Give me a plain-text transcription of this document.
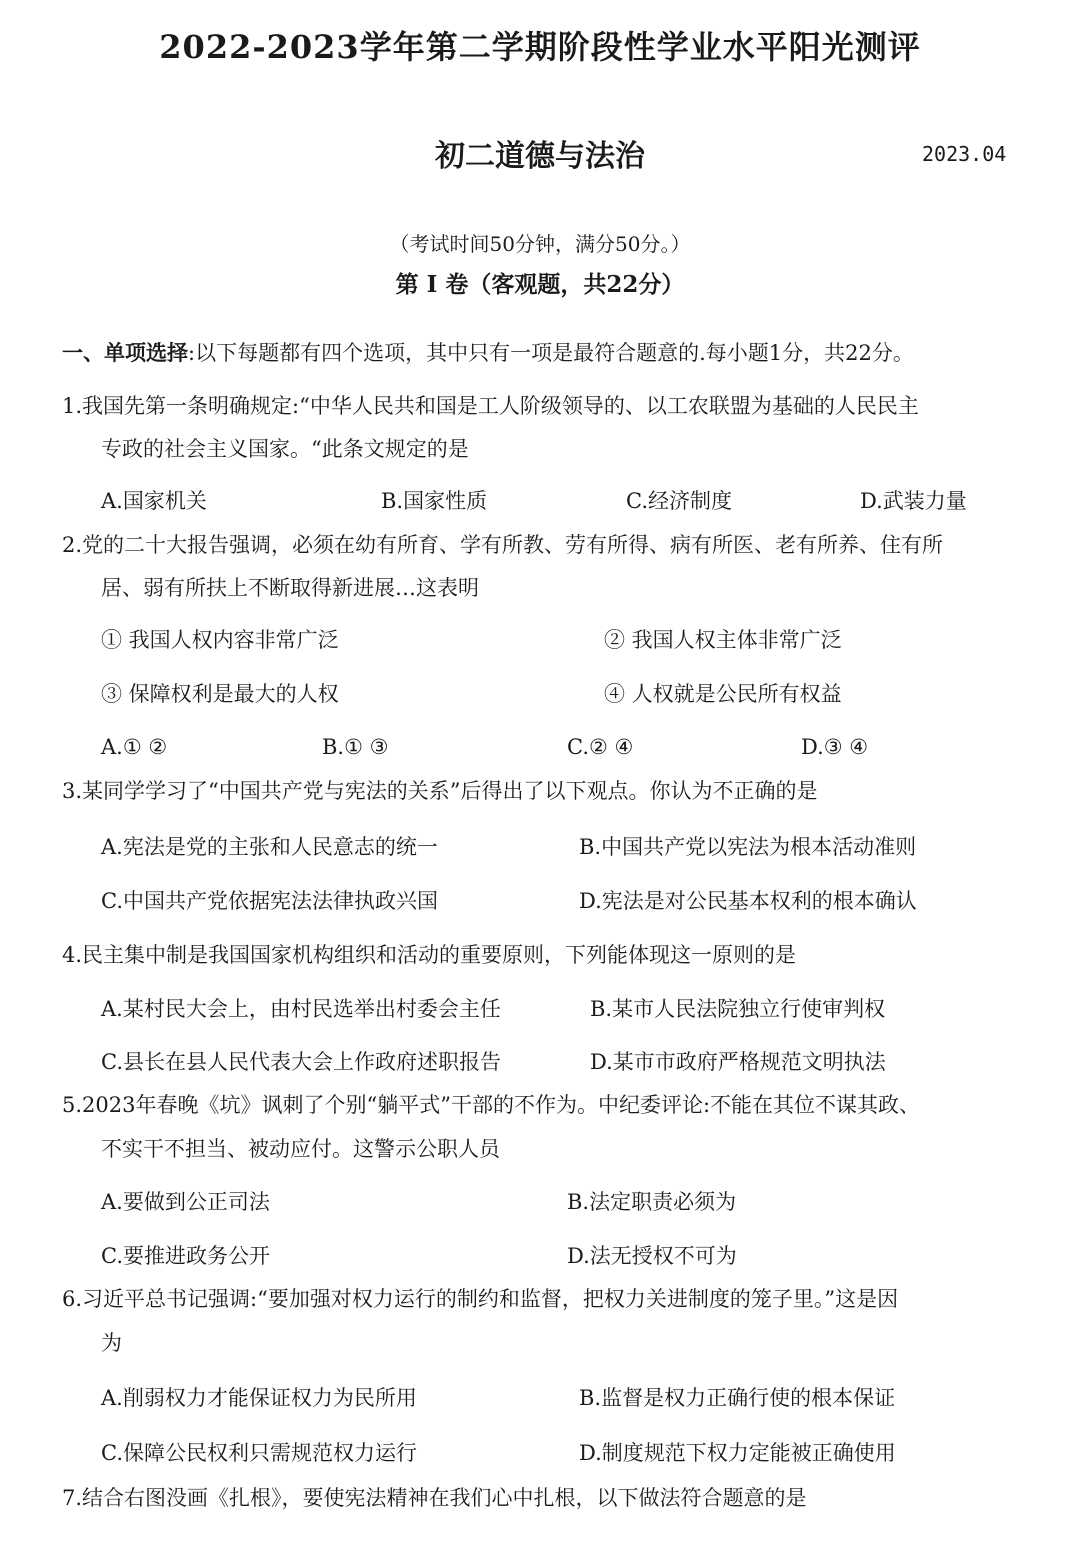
2022-2023学年第二学期阶段性学业水平阳光测评
初二道德与法治	2023.04
（考试时间50分钟，满分50分。）
第 I 卷（客观题，共22分）
一、单项选择:以下每题都有四个选项，其中只有一项是最符合题意的.每小题1分，共22分。
1.我国先第一条明确规定:“中华人民共和国是工人阶级领导的、以工农联盟为基础的人民民主
专政的社会主义国家。“此条文规定的是
A.国家机关	B.国家性质	C.经济制度	D.武装力量
2.党的二十大报告强调，必须在幼有所育、学有所教、劳有所得、病有所医、老有所养、住有所
居、弱有所扶上不断取得新进展…这表明
① 我国人权内容非常广泛	② 我国人权主体非常广泛
③ 保障权利是最大的人权	④ 人权就是公民所有权益
A.① ②	B.① ③	C.② ④	D.③ ④
3.某同学学习了“中国共产党与宪法的关系”后得出了以下观点。你认为不正确的是
A.宪法是党的主张和人民意志的统一	B.中国共产党以宪法为根本活动准则
C.中国共产党依据宪法法律执政兴国	D.宪法是对公民基本权利的根本确认
4.民主集中制是我国国家机构组织和活动的重要原则，下列能体现这一原则的是
A.某村民大会上，由村民选举出村委会主任	B.某市人民法院独立行使审判权
C.县长在县人民代表大会上作政府述职报告	D.某市市政府严格规范文明执法
5.2023年春晚《坑》讽刺了个别“躺平式”干部的不作为。中纪委评论:不能在其位不谋其政、
不实干不担当、被动应付。这警示公职人员
A.要做到公正司法	B.法定职责必须为
C.要推进政务公开	D.法无授权不可为
6.习近平总书记强调:“要加强对权力运行的制约和监督，把权力关进制度的笼子里。”这是因
为
A.削弱权力才能保证权力为民所用	B.监督是权力正确行使的根本保证
C.保障公民权利只需规范权力运行	D.制度规范下权力定能被正确使用
7.结合右图没画《扎根》，要使宪法精神在我们心中扎根，以下做法符合题意的是
